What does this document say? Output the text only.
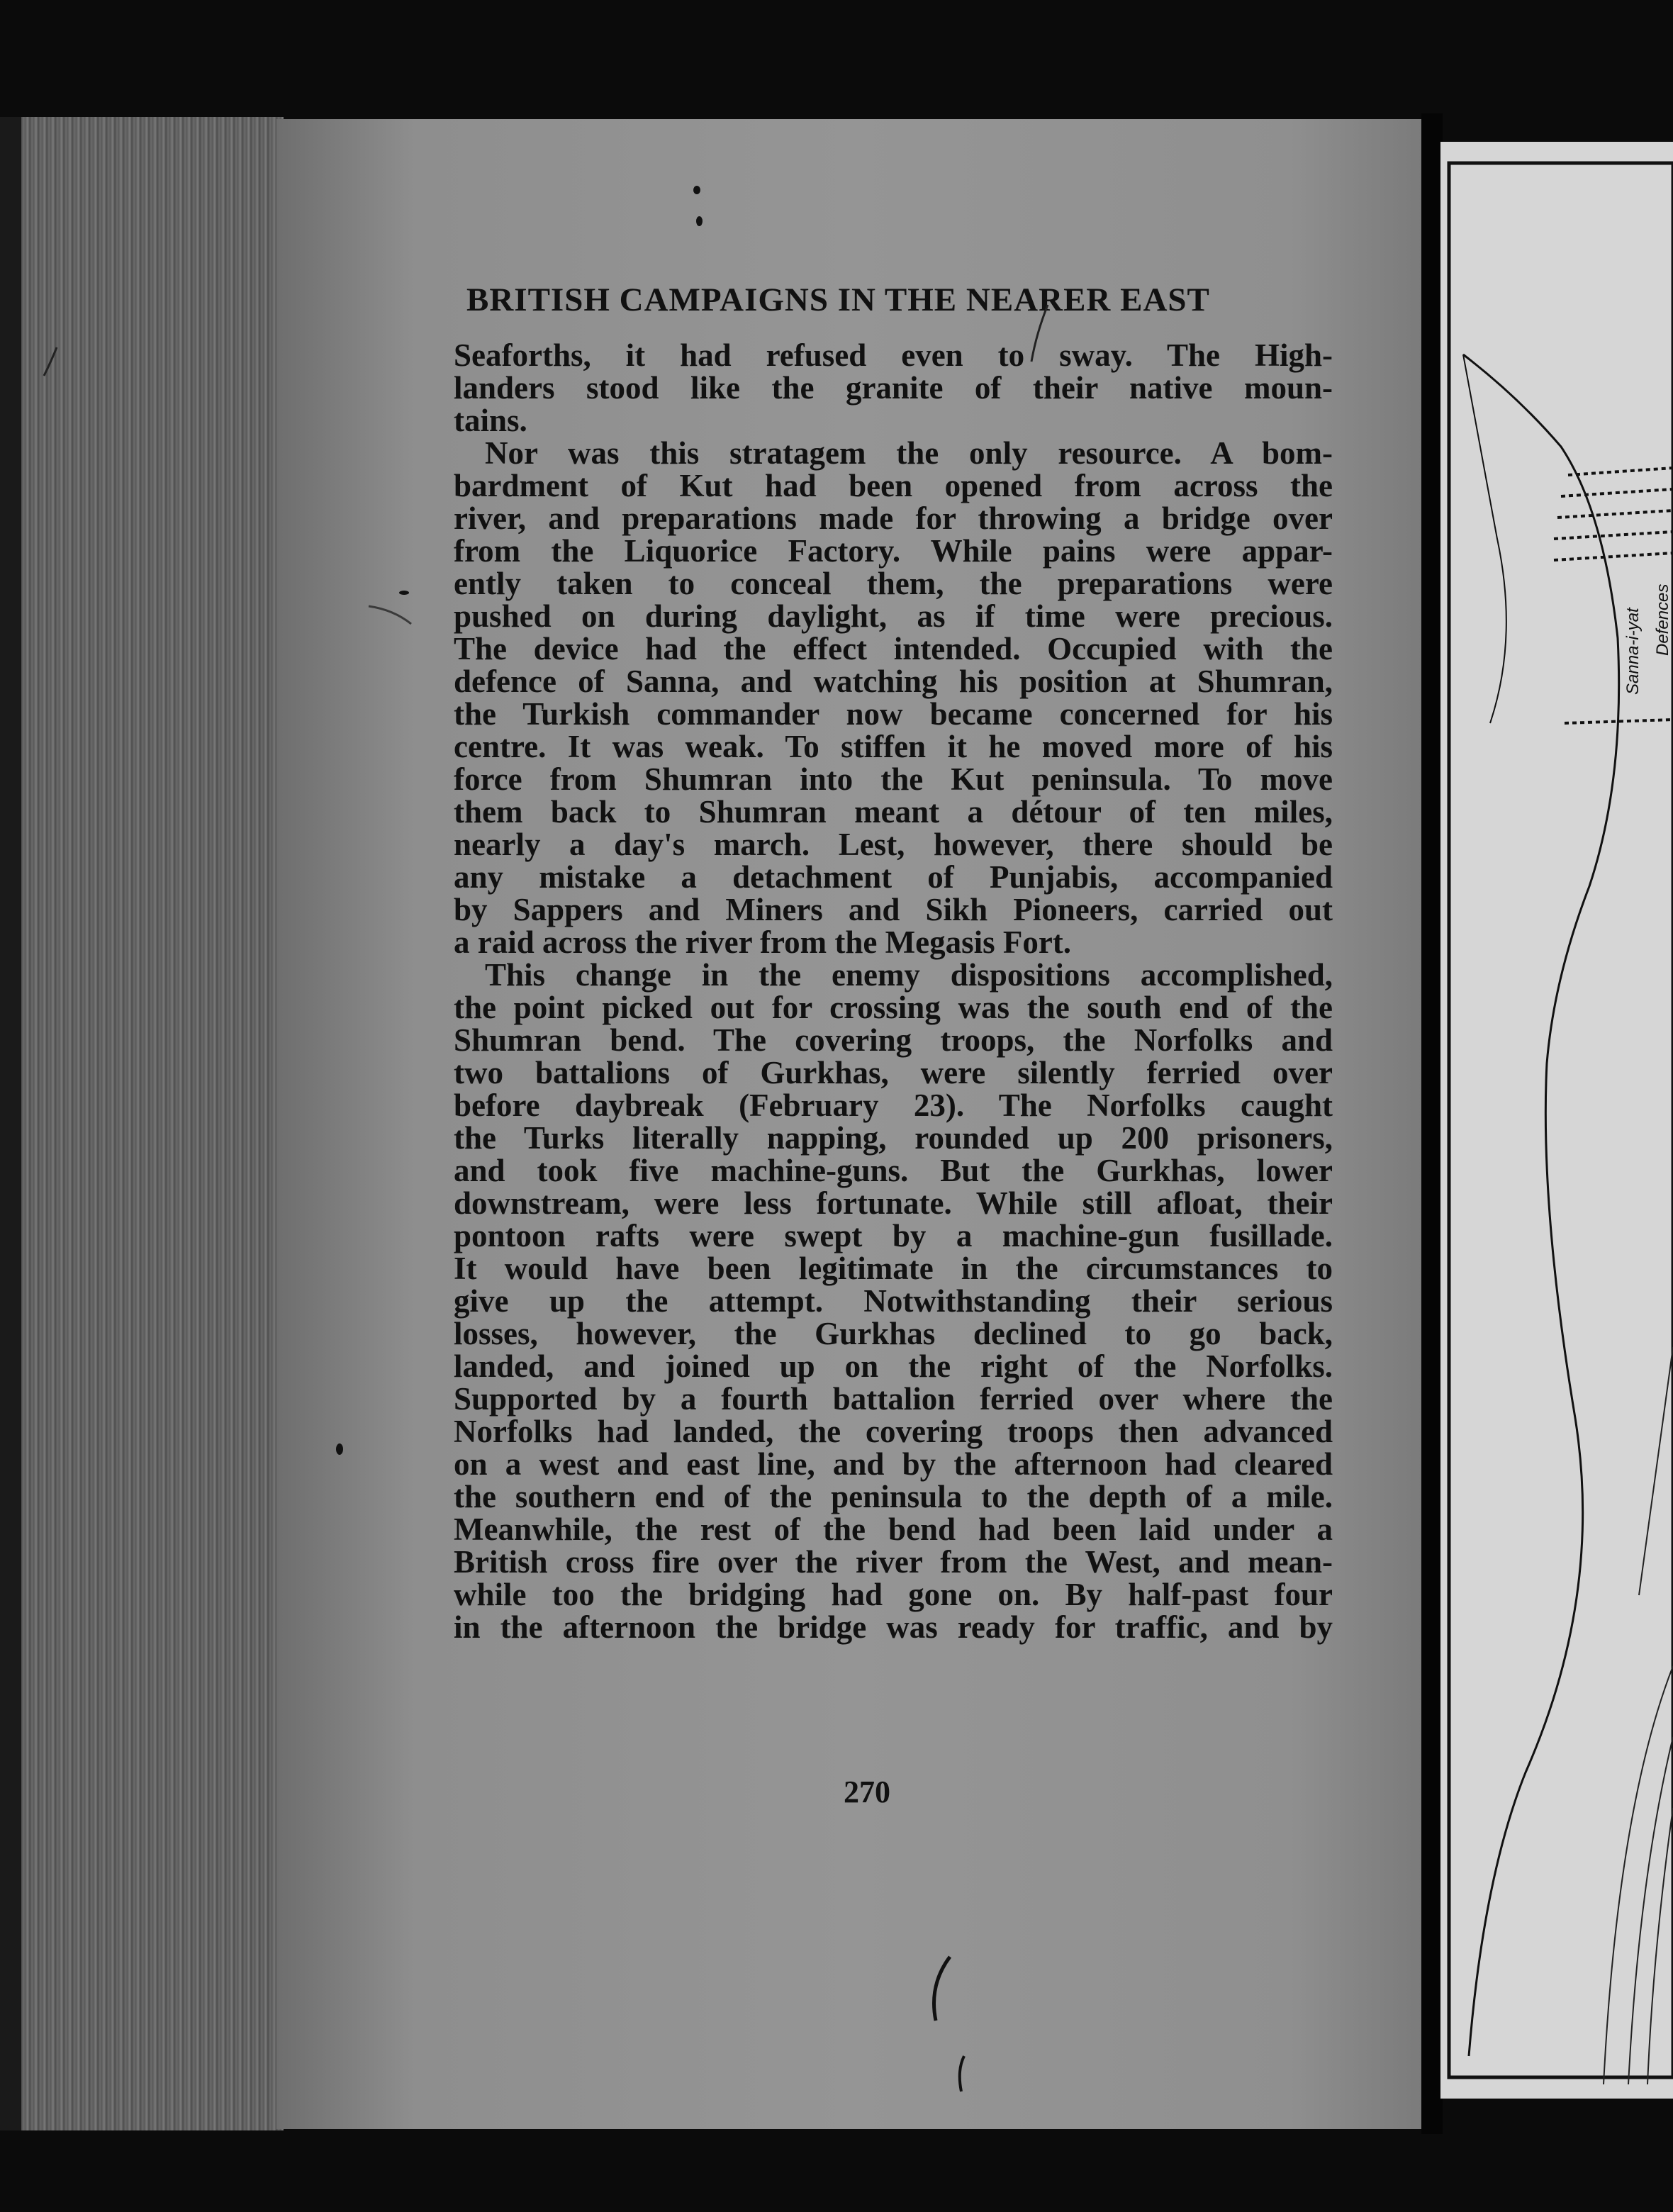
Sanna-i-yat Defences
BRITISH CAMPAIGNS IN THE NEARER EAST
Seaforths, it had refused even to sway. The High-
landers stood like the granite of their native moun-
tains.
Nor was this stratagem the only resource. A bom-
bardment of Kut had been opened from across the
river, and preparations made for throwing a bridge over
from the Liquorice Factory. While pains were appar-
ently taken to conceal them, the preparations were
pushed on during daylight, as if time were precious.
The device had the effect intended. Occupied with the
defence of Sanna, and watching his position at Shumran,
the Turkish commander now became concerned for his
centre. It was weak. To stiffen it he moved more of his
force from Shumran into the Kut peninsula. To move
them back to Shumran meant a détour of ten miles,
nearly a day's march. Lest, however, there should be
any mistake a detachment of Punjabis, accompanied
by Sappers and Miners and Sikh Pioneers, carried out
a raid across the river from the Megasis Fort.
This change in the enemy dispositions accomplished,
the point picked out for crossing was the south end of the
Shumran bend. The covering troops, the Norfolks and
two battalions of Gurkhas, were silently ferried over
before daybreak (February 23). The Norfolks caught
the Turks literally napping, rounded up 200 prisoners,
and took five machine-guns. But the Gurkhas, lower
downstream, were less fortunate. While still afloat, their
pontoon rafts were swept by a machine-gun fusillade.
It would have been legitimate in the circumstances to
give up the attempt. Notwithstanding their serious
losses, however, the Gurkhas declined to go back,
landed, and joined up on the right of the Norfolks.
Supported by a fourth battalion ferried over where the
Norfolks had landed, the covering troops then advanced
on a west and east line, and by the afternoon had cleared
the southern end of the peninsula to the depth of a mile.
Meanwhile, the rest of the bend had been laid under a
British cross fire over the river from the West, and mean-
while too the bridging had gone on. By half-past four
in the afternoon the bridge was ready for traffic, and by

270
